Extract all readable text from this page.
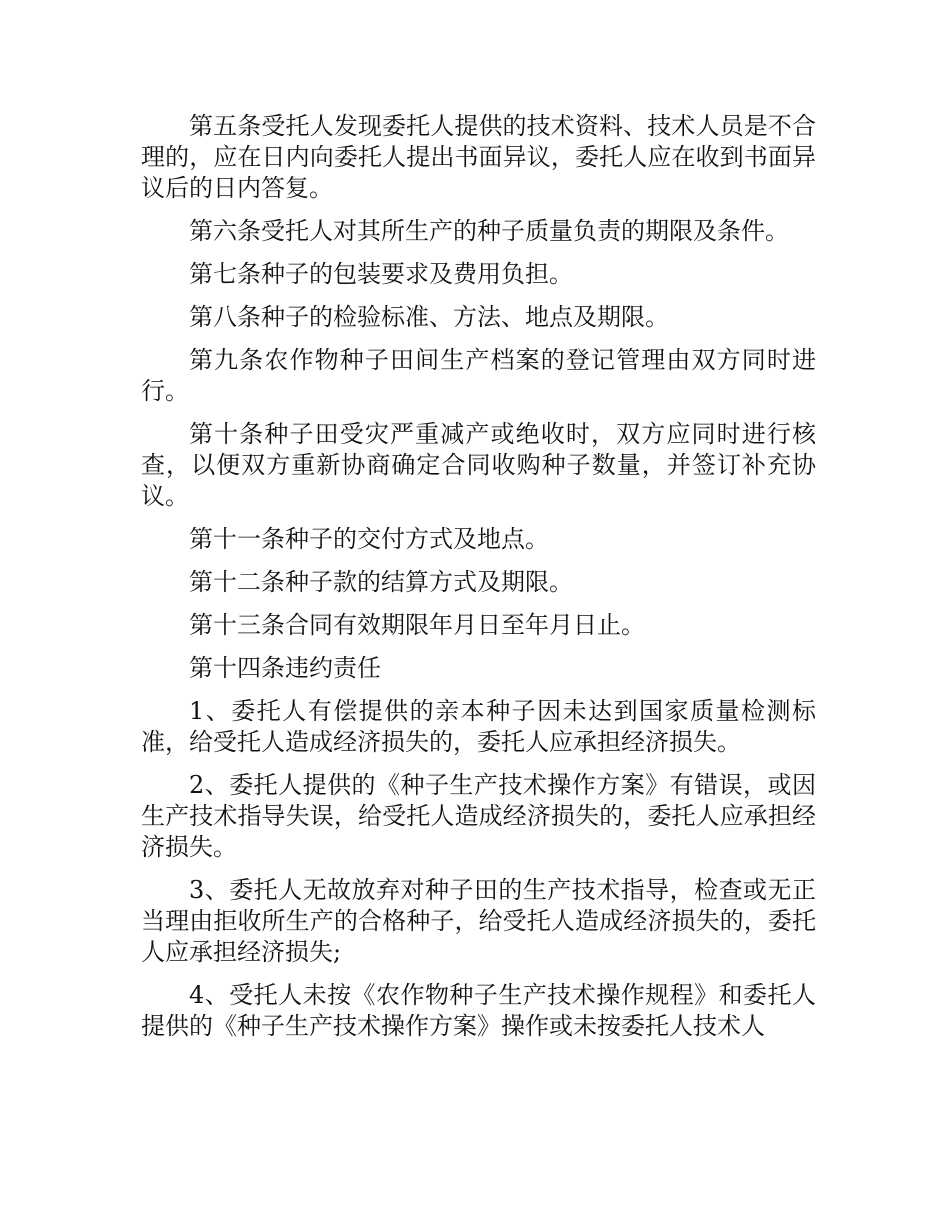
第五条受托人发现委托人提供的技术资料、技术人员是不合理的，应在日内向委托人提出书面异议，委托人应在收到书面异议后的日内答复。

第六条受托人对其所生产的种子质量负责的期限及条件。

第七条种子的包装要求及费用负担。

第八条种子的检验标准、方法、地点及期限。

第九条农作物种子田间生产档案的登记管理由双方同时进行。

第十条种子田受灾严重减产或绝收时，双方应同时进行核查，以便双方重新协商确定合同收购种子数量，并签订补充协议。

第十一条种子的交付方式及地点。

第十二条种子款的结算方式及期限。

第十三条合同有效期限年月日至年月日止。

第十四条违约责任

1、委托人有偿提供的亲本种子因未达到国家质量检测标准，给受托人造成经济损失的，委托人应承担经济损失。

2、委托人提供的《种子生产技术操作方案》有错误，或因生产技术指导失误，给受托人造成经济损失的，委托人应承担经济损失。

3、委托人无故放弃对种子田的生产技术指导，检查或无正当理由拒收所生产的合格种子，给受托人造成经济损失的，委托人应承担经济损失;

4、受托人未按《农作物种子生产技术操作规程》和委托人提供的《种子生产技术操作方案》操作或未按委托人技术人
